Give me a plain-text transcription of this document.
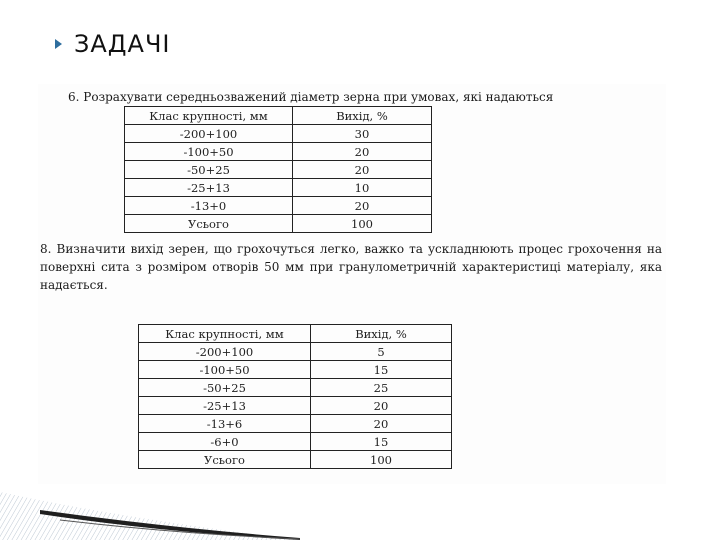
ЗАДАЧІ
6. Розрахувати середньозважений діаметр зерна при умовах, які надаються
Клас крупності, мм	Вихід, %
-200+100	30
-100+50	20
-50+25	20
-25+13	10
-13+0	20
Усього	100

8. Визначити вихід зерен, що грохочуться легко, важко та ускладнюють процес грохочення на поверхні сита з розміром отворів 50 мм при гранулометричній характеристиці матеріалу, яка надається.

Клас крупності, мм	Вихід, %
-200+100	5
-100+50	15
-50+25	25
-25+13	20
-13+6	20
-6+0	15
Усього	100
